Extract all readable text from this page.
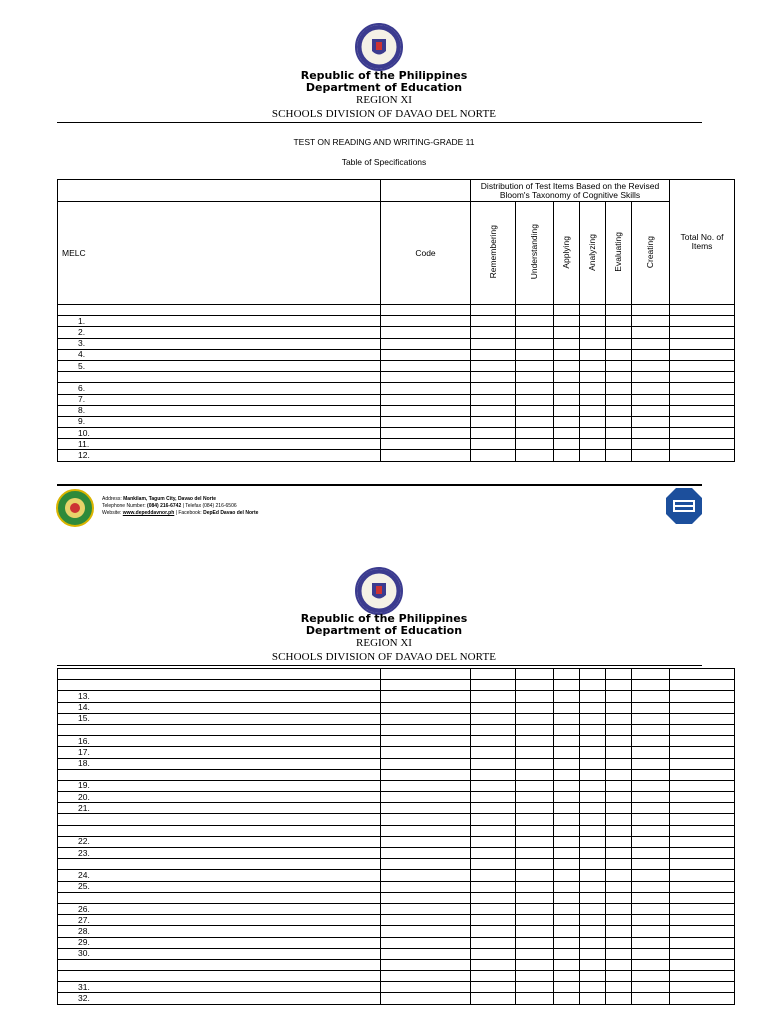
Republic of the Philippines
Department of Education
REGION XI
SCHOOLS DIVISION OF DAVAO DEL NORTE
TEST ON READING AND WRITING-GRADE 11
Table of Specifications
		Distribution of Test Items Based on the Revised Bloom's Taxonomy of Cognitive Skills						Total No. of Items
MELC	Code	Remembering	Understanding	Applying	Analyzing	Evaluating	Creating	

1.								
2.								
3.								
4.								
5.								

6.								
7.								
8.								
9.								
10.								
11.								
12.								
Address: Mankilam, Tagum City, Davao del Norte
Telephone Number: (084) 216-6742 | Telefax (084) 216-6506
Website: www.depeddavnor.ph | Facebook: DepEd Davao del Norte
Republic of the Philippines
Department of Education
REGION XI
SCHOOLS DIVISION OF DAVAO DEL NORTE

13.								
14.								
15.								

16.								
17.								
18.								

19.								
20.								
21.								

22.								
23.								

24.								
25.								

26.								
27.								
28.								
29.								
30.								

31.								
32.								
